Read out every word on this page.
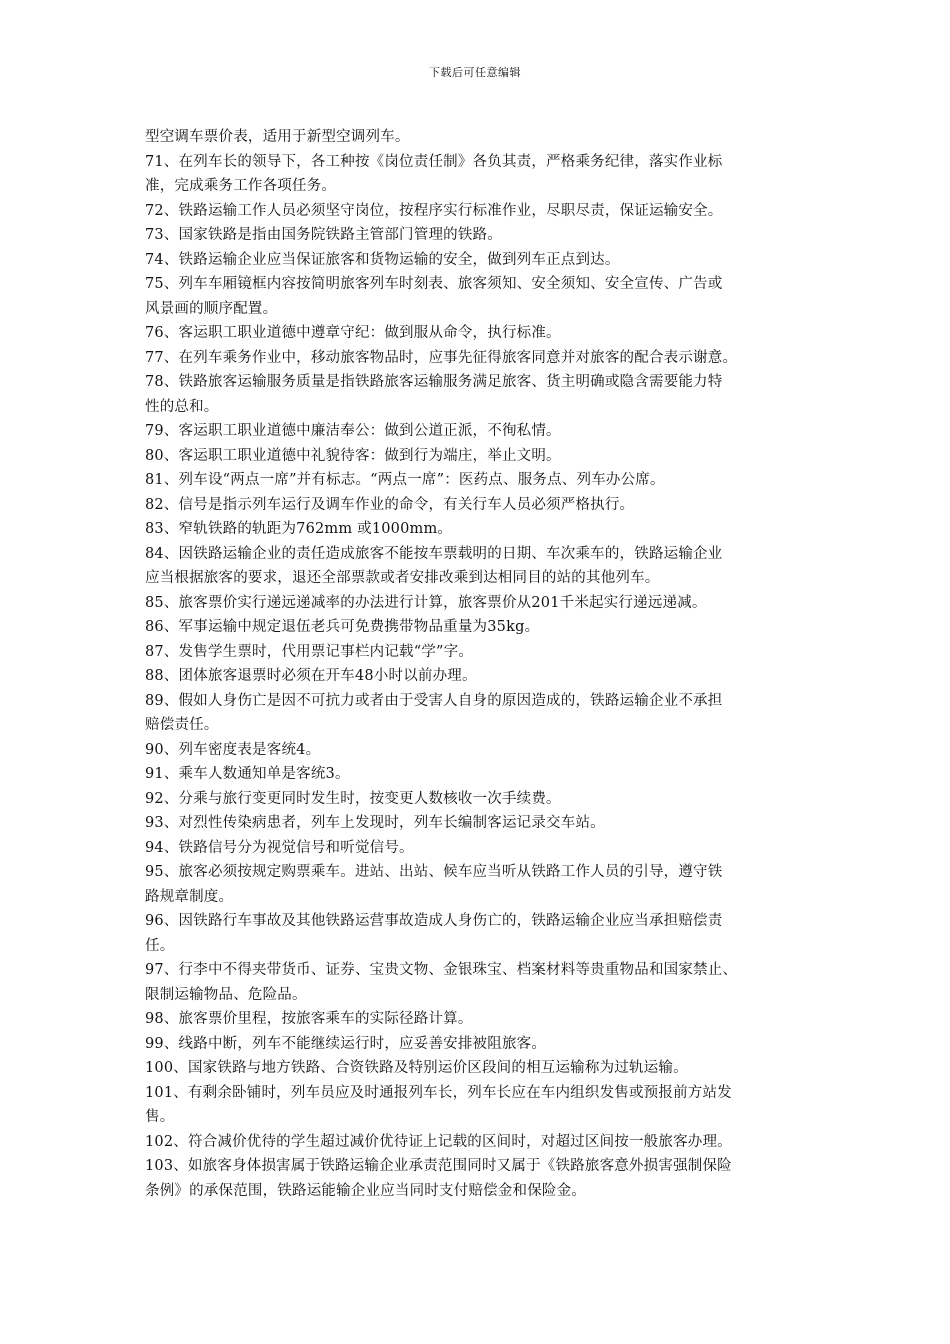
下载后可任意编辑
型空调车票价表，适用于新型空调列车。
71、在列车长的领导下，各工种按《岗位责任制》各负其责，严格乘务纪律，落实作业标
准，完成乘务工作各项任务。
72、铁路运输工作人员必须坚守岗位，按程序实行标准作业，尽职尽责，保证运输安全。
73、国家铁路是指由国务院铁路主管部门管理的铁路。
74、铁路运输企业应当保证旅客和货物运输的安全，做到列车正点到达。
75、列车车厢镜框内容按简明旅客列车时刻表、旅客须知、安全须知、安全宣传、广告或
风景画的顺序配置。
76、客运职工职业道德中遵章守纪：做到服从命令，执行标准。
77、在列车乘务作业中，移动旅客物品时，应事先征得旅客同意并对旅客的配合表示谢意。
78、铁路旅客运输服务质量是指铁路旅客运输服务满足旅客、货主明确或隐含需要能力特
性的总和。
79、客运职工职业道德中廉洁奉公：做到公道正派，不徇私情。
80、客运职工职业道德中礼貌待客：做到行为端庄，举止文明。
81、列车设“两点一席”并有标志。“两点一席”：医药点、服务点、列车办公席。
82、信号是指示列车运行及调车作业的命令，有关行车人员必须严格执行。
83、窄轨铁路的轨距为762mm 或1000mm。
84、因铁路运输企业的责任造成旅客不能按车票载明的日期、车次乘车的，铁路运输企业
应当根据旅客的要求，退还全部票款或者安排改乘到达相同目的站的其他列车。
85、旅客票价实行递远递减率的办法进行计算，旅客票价从201千米起实行递远递减。
86、军事运输中规定退伍老兵可免费携带物品重量为35kg。
87、发售学生票时，代用票记事栏内记载“学”字。
88、团体旅客退票时必须在开车48小时以前办理。
89、假如人身伤亡是因不可抗力或者由于受害人自身的原因造成的，铁路运输企业不承担
赔偿责任。
90、列车密度表是客统4。
91、乘车人数通知单是客统3。
92、分乘与旅行变更同时发生时，按变更人数核收一次手续费。
93、对烈性传染病患者，列车上发现时，列车长编制客运记录交车站。
94、铁路信号分为视觉信号和听觉信号。
95、旅客必须按规定购票乘车。进站、出站、候车应当听从铁路工作人员的引导，遵守铁
路规章制度。
96、因铁路行车事故及其他铁路运营事故造成人身伤亡的，铁路运输企业应当承担赔偿责
任。
97、行李中不得夹带货币、证券、宝贵文物、金银珠宝、档案材料等贵重物品和国家禁止、
限制运输物品、危险品。
98、旅客票价里程，按旅客乘车的实际径路计算。
99、线路中断，列车不能继续运行时，应妥善安排被阻旅客。
100、国家铁路与地方铁路、合资铁路及特别运价区段间的相互运输称为过轨运输。
101、有剩余卧铺时，列车员应及时通报列车长，列车长应在车内组织发售或预报前方站发
售。
102、符合减价优待的学生超过减价优待证上记载的区间时，对超过区间按一般旅客办理。
103、如旅客身体损害属于铁路运输企业承责范围同时又属于《铁路旅客意外损害强制保险
条例》的承保范围，铁路运能输企业应当同时支付赔偿金和保险金。
